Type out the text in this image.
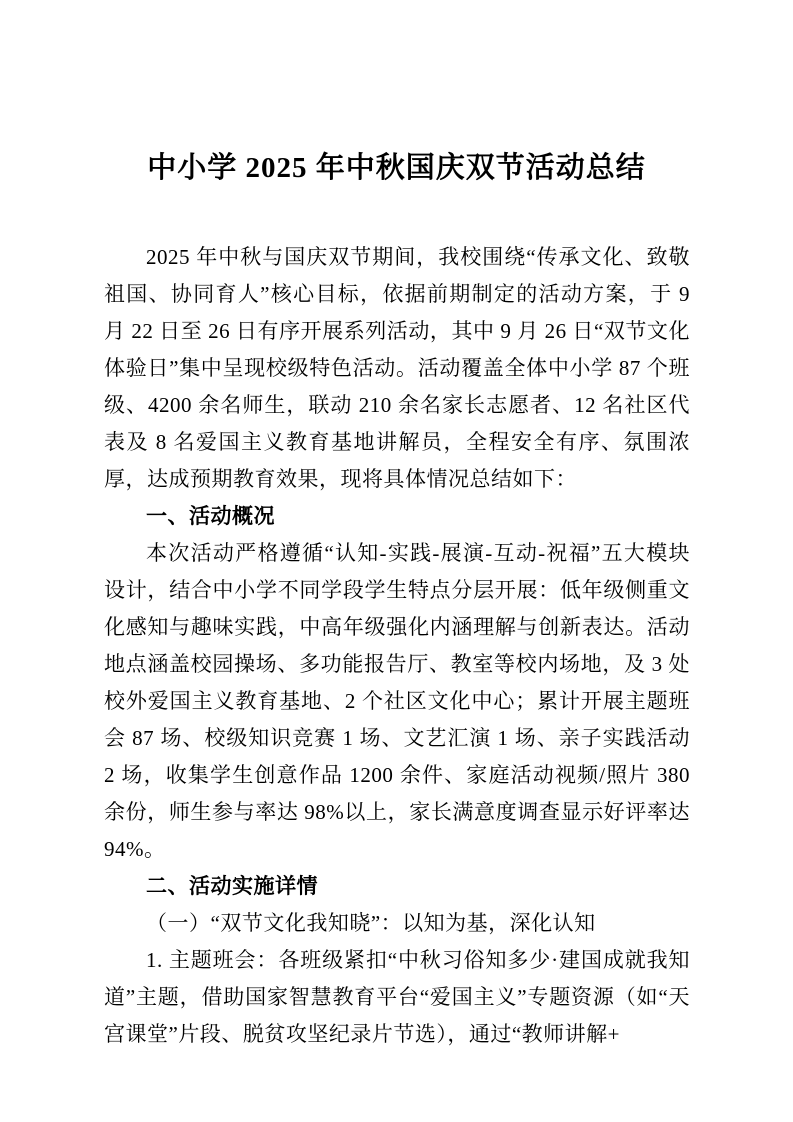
中小学 2025 年中秋国庆双节活动总结

2025 年中秋与国庆双节期间，我校围绕“传承文化、致敬祖国、协同育人”核心目标，依据前期制定的活动方案，于 9 月 22 日至 26 日有序开展系列活动，其中 9 月 26 日“双节文化体验日”集中呈现校级特色活动。活动覆盖全体中小学 87 个班级、4200 余名师生，联动 210 余名家长志愿者、12 名社区代表及 8 名爱国主义教育基地讲解员，全程安全有序、氛围浓厚，达成预期教育效果，现将具体情况总结如下：

一、活动概况

本次活动严格遵循“认知-实践-展演-互动-祝福”五大模块设计，结合中小学不同学段学生特点分层开展：低年级侧重文化感知与趣味实践，中高年级强化内涵理解与创新表达。活动地点涵盖校园操场、多功能报告厅、教室等校内场地，及 3 处校外爱国主义教育基地、2 个社区文化中心；累计开展主题班会 87 场、校级知识竞赛 1 场、文艺汇演 1 场、亲子实践活动 2 场，收集学生创意作品 1200 余件、家庭活动视频/照片 380 余份，师生参与率达 98%以上，家长满意度调查显示好评率达 94%。

二、活动实施详情

（一）“双节文化我知晓”：以知为基，深化认知

1. 主题班会：各班级紧扣“中秋习俗知多少·建国成就我知道”主题，借助国家智慧教育平台“爱国主义”专题资源（如“天宫课堂”片段、脱贫攻坚纪录片节选），通过“教师讲解+
